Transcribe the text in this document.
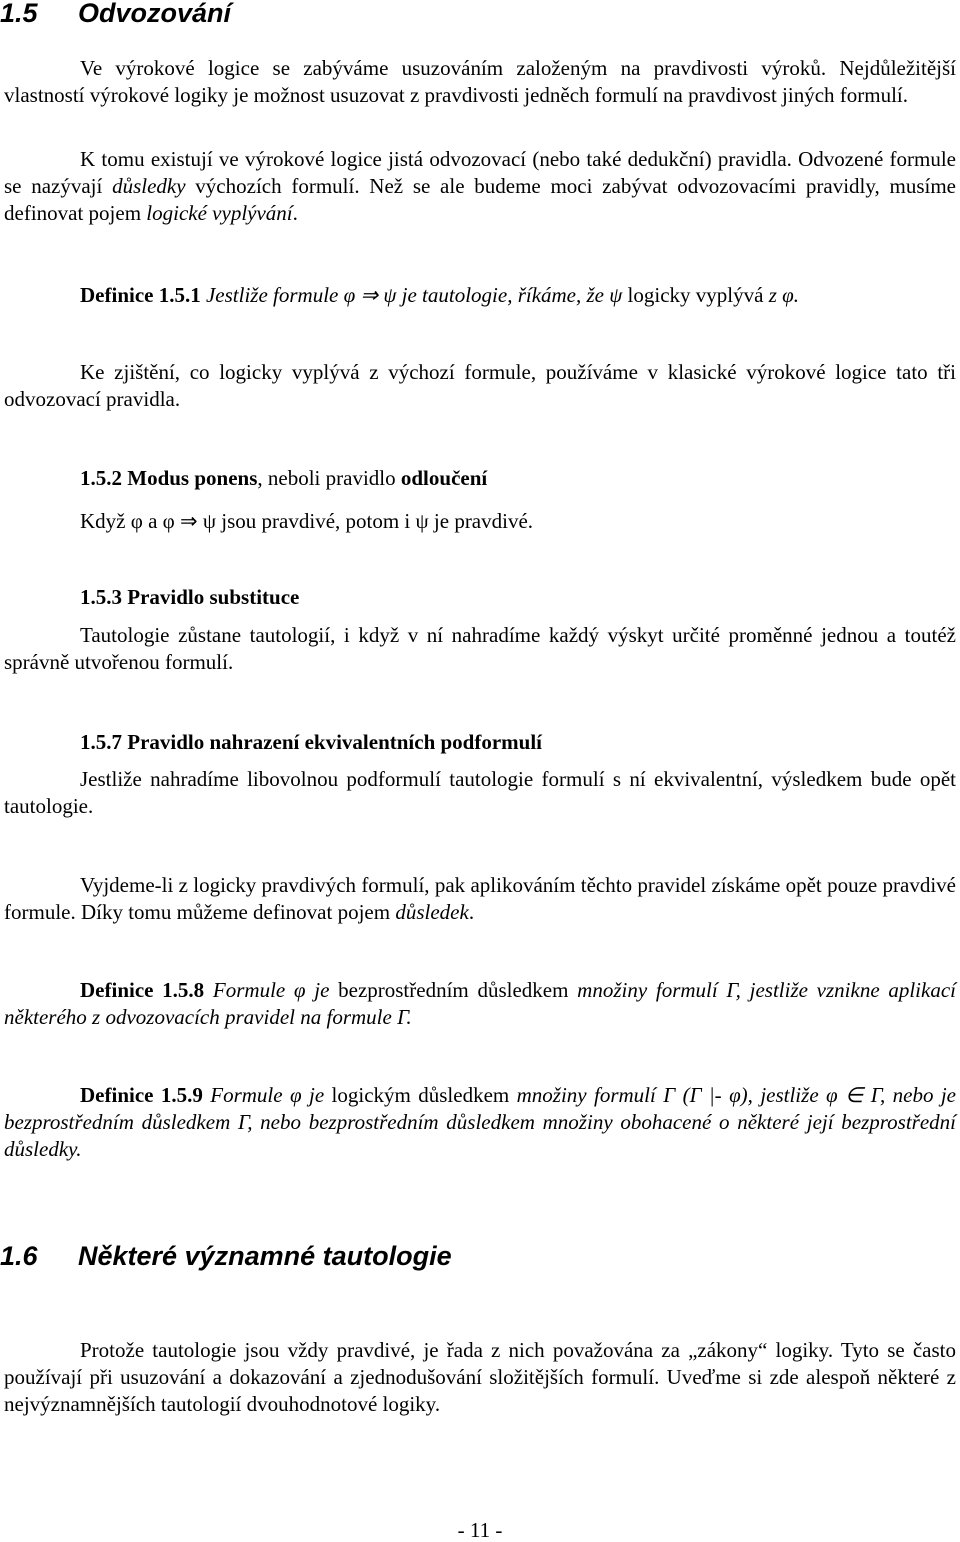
1.5 Odvozování

Ve výrokové logice se zabýváme usuzováním založeným na pravdivosti výroků. Nejdůležitější vlastností výrokové logiky je možnost usuzovat z pravdivosti jedněch formulí na pravdivost jiných formulí.

K tomu existují ve výrokové logice jistá odvozovací (nebo také dedukční) pravidla. Odvozené formule se nazývají důsledky výchozích formulí. Než se ale budeme moci zabývat odvozovacími pravidly, musíme definovat pojem logické vyplývání.

Definice 1.5.1 Jestliže formule φ ⇒ ψ je tautologie, říkáme, že ψ logicky vyplývá z φ.

Ke zjištění, co logicky vyplývá z výchozí formule, používáme v klasické výrokové logice tato tři odvozovací pravidla.

1.5.2 Modus ponens, neboli pravidlo odloučení

Když φ a φ ⇒ ψ jsou pravdivé, potom i ψ je pravdivé.

1.5.3 Pravidlo substituce

Tautologie zůstane tautologií, i když v ní nahradíme každý výskyt určité proměnné jednou a toutéž správně utvořenou formulí.

1.5.7 Pravidlo nahrazení ekvivalentních podformulí

Jestliže nahradíme libovolnou podformulí tautologie formulí s ní ekvivalentní, výsledkem bude opět tautologie.

Vyjdeme-li z logicky pravdivých formulí, pak aplikováním těchto pravidel získáme opět pouze pravdivé formule. Díky tomu můžeme definovat pojem důsledek.

Definice 1.5.8 Formule φ je bezprostředním důsledkem množiny formulí Γ, jestliže vznikne aplikací některého z odvozovacích pravidel na formule Γ.

Definice 1.5.9 Formule φ je logickým důsledkem množiny formulí Γ (Γ |- φ), jestliže φ ∈ Γ, nebo je bezprostředním důsledkem Γ, nebo bezprostředním důsledkem množiny obohacené o některé její bezprostřední důsledky.

1.6 Některé významné tautologie

Protože tautologie jsou vždy pravdivé, je řada z nich považována za „zákony“ logiky. Tyto se často používají při usuzování a dokazování a zjednodušování složitějších formulí. Uveďme si zde alespoň některé z nejvýznamnějších tautologií dvouhodnotové logiky.

- 11 -
